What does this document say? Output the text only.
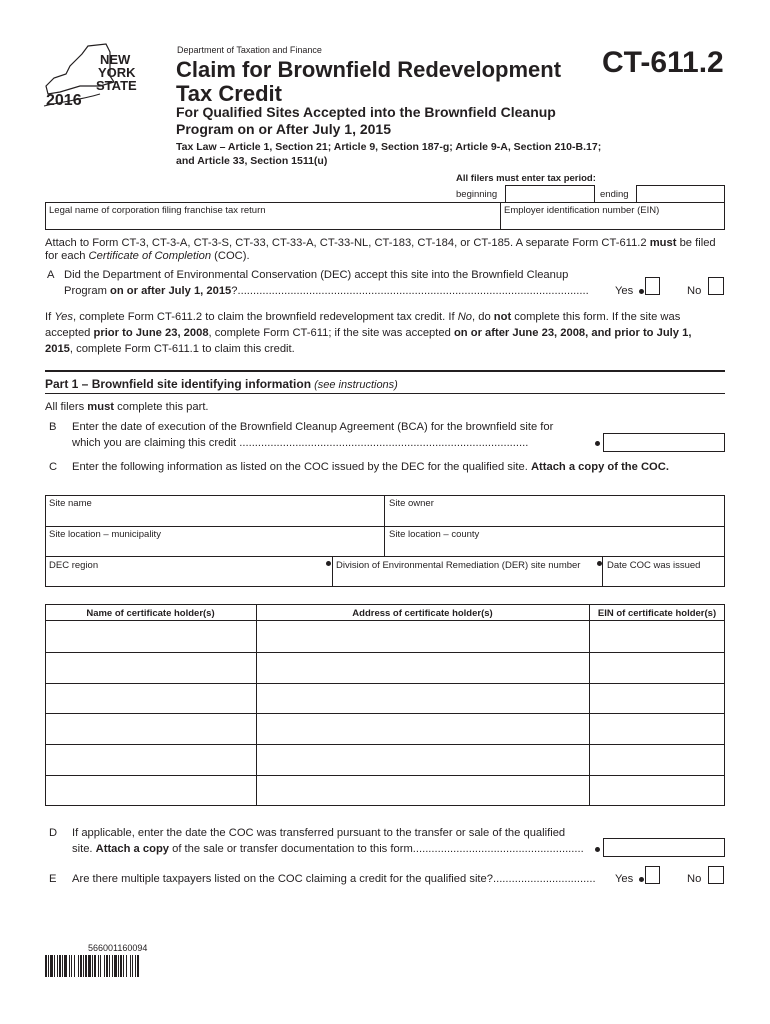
NEW
YORK
STATE
2016
Department of Taxation and Finance	CT-611.2
Claim for Brownfield Redevelopment
Tax Credit
For Qualified Sites Accepted into the Brownfield Cleanup
Program on or After July 1, 2015
Tax Law – Article 1, Section 21; Article 9, Section 187-g; Article 9-A, Section 210-B.17;
and Article 33, Section 1511(u)
All filers must enter tax period:
beginning	ending
Legal name of corporation filing franchise tax return	Employer identification number (EIN)
Attach to Form CT-3, CT-3-A, CT-3-S, CT-33, CT-33-A, CT-33-NL, CT-183, CT-184, or CT-185. A separate Form CT-611.2 must be filed
for each Certificate of Completion (COC).
A Did the Department of Environmental Conservation (DEC) accept this site into the Brownfield Cleanup
Program on or after July 1, 2015?.................................................................................................................	Yes	No
If Yes, complete Form CT-611.2 to claim the brownfield redevelopment tax credit. If No, do not complete this form. If the site was
accepted prior to June 23, 2008, complete Form CT-611; if the site was accepted on or after June 23, 2008, and prior to July 1,
2015, complete Form CT-611.1 to claim this credit.
Part 1 – Brownfield site identifying information (see instructions)
All filers must complete this part.
B Enter the date of execution of the Brownfield Cleanup Agreement (BCA) for the brownfield site for
which you are claiming this credit .............................................................................................
C Enter the following information as listed on the COC issued by the DEC for the qualified site. Attach a copy of the COC.
Site name	Site owner
Site location – municipality	Site location – county
DEC region	Division of Environmental Remediation (DER) site number	Date COC was issued
Name of certificate holder(s)	Address of certificate holder(s)	EIN of certificate holder(s)
D If applicable, enter the date the COC was transferred pursuant to the transfer or sale of the qualified
site. Attach a copy of the sale or transfer documentation to this form.......................................................
E Are there multiple taxpayers listed on the COC claiming a credit for the qualified site?.................................	Yes	No
566001160094
